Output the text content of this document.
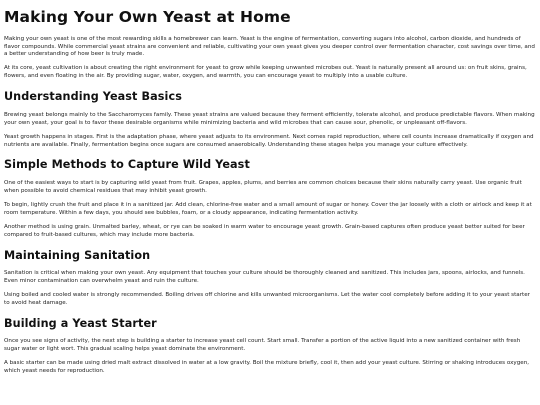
Making Your Own Yeast at Home

Making your own yeast is one of the most rewarding skills a homebrewer can learn. Yeast is the engine of fermentation, converting sugars into alcohol, carbon dioxide, and hundreds of flavor compounds. While commercial yeast strains are convenient and reliable, cultivating your own yeast gives you deeper control over fermentation character, cost savings over time, and a better understanding of how beer is truly made.

At its core, yeast cultivation is about creating the right environment for yeast to grow while keeping unwanted microbes out. Yeast is naturally present all around us: on fruit skins, grains, flowers, and even floating in the air. By providing sugar, water, oxygen, and warmth, you can encourage yeast to multiply into a usable culture.

Understanding Yeast Basics

Brewing yeast belongs mainly to the Saccharomyces family. These yeast strains are valued because they ferment efficiently, tolerate alcohol, and produce predictable flavors. When making your own yeast, your goal is to favor these desirable organisms while minimizing bacteria and wild microbes that can cause sour, phenolic, or unpleasant off-flavors.

Yeast growth happens in stages. First is the adaptation phase, where yeast adjusts to its environment. Next comes rapid reproduction, where cell counts increase dramatically if oxygen and nutrients are available. Finally, fermentation begins once sugars are consumed anaerobically. Understanding these stages helps you manage your culture effectively.

Simple Methods to Capture Wild Yeast

One of the easiest ways to start is by capturing wild yeast from fruit. Grapes, apples, plums, and berries are common choices because their skins naturally carry yeast. Use organic fruit when possible to avoid chemical residues that may inhibit yeast growth.

To begin, lightly crush the fruit and place it in a sanitized jar. Add clean, chlorine-free water and a small amount of sugar or honey. Cover the jar loosely with a cloth or airlock and keep it at room temperature. Within a few days, you should see bubbles, foam, or a cloudy appearance, indicating fermentation activity.

Another method is using grain. Unmalted barley, wheat, or rye can be soaked in warm water to encourage yeast growth. Grain-based captures often produce yeast better suited for beer compared to fruit-based cultures, which may include more bacteria.

Maintaining Sanitation

Sanitation is critical when making your own yeast. Any equipment that touches your culture should be thoroughly cleaned and sanitized. This includes jars, spoons, airlocks, and funnels. Even minor contamination can overwhelm yeast and ruin the culture.

Using boiled and cooled water is strongly recommended. Boiling drives off chlorine and kills unwanted microorganisms. Let the water cool completely before adding it to your yeast starter to avoid heat damage.

Building a Yeast Starter

Once you see signs of activity, the next step is building a starter to increase yeast cell count. Start small. Transfer a portion of the active liquid into a new sanitized container with fresh sugar water or light wort. This gradual scaling helps yeast dominate the environment.

A basic starter can be made using dried malt extract dissolved in water at a low gravity. Boil the mixture briefly, cool it, then add your yeast culture. Stirring or shaking introduces oxygen, which yeast needs for reproduction.
